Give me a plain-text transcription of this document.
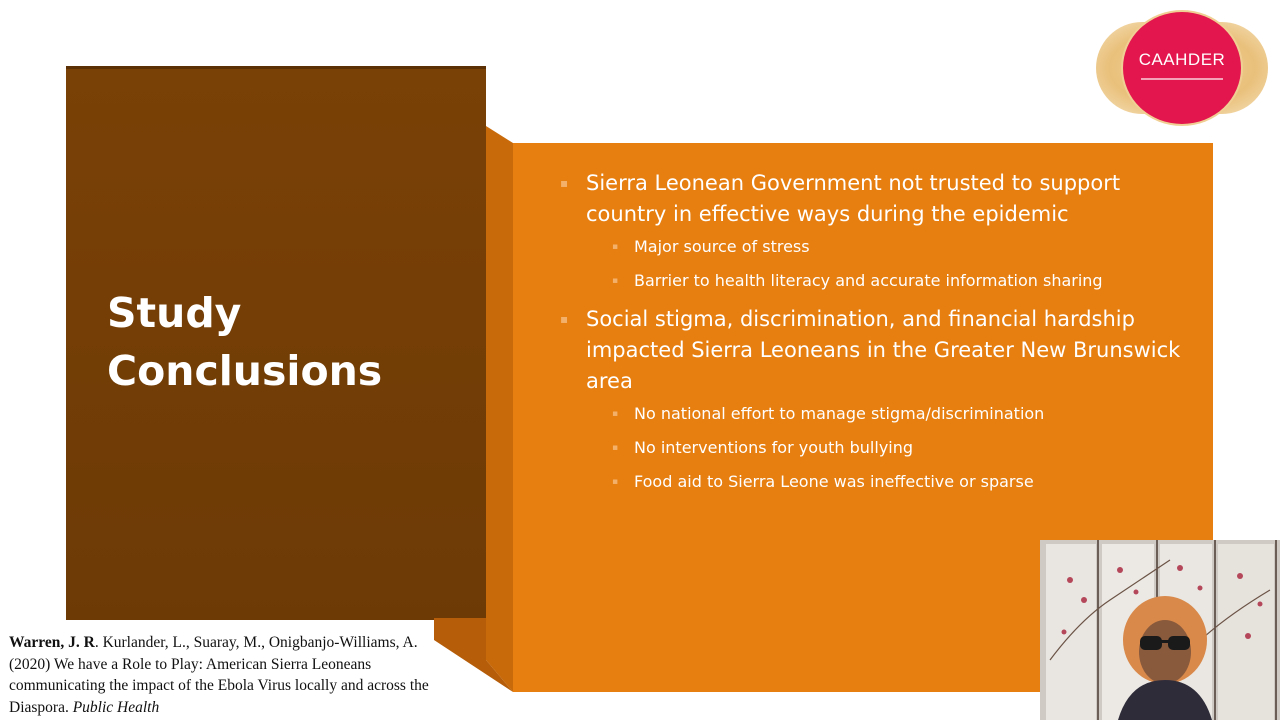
Study
Conclusions
▪ Sierra Leonean Government not trusted to support country in effective ways during the epidemic
▪ Major source of stress
▪ Barrier to health literacy and accurate information sharing
▪ Social stigma, discrimination, and financial hardship impacted Sierra Leoneans in the Greater New Brunswick area
▪ No national effort to manage stigma/discrimination
▪ No interventions for youth bullying
▪ Food aid to Sierra Leone was ineffective or sparse
CAAHDER
Warren, J. R. Kurlander, L., Suaray, M., Onigbanjo-Williams, A. (2020) We have a Role to Play: American Sierra Leoneans communicating the impact of the Ebola Virus locally and across the Diaspora. Public Health
